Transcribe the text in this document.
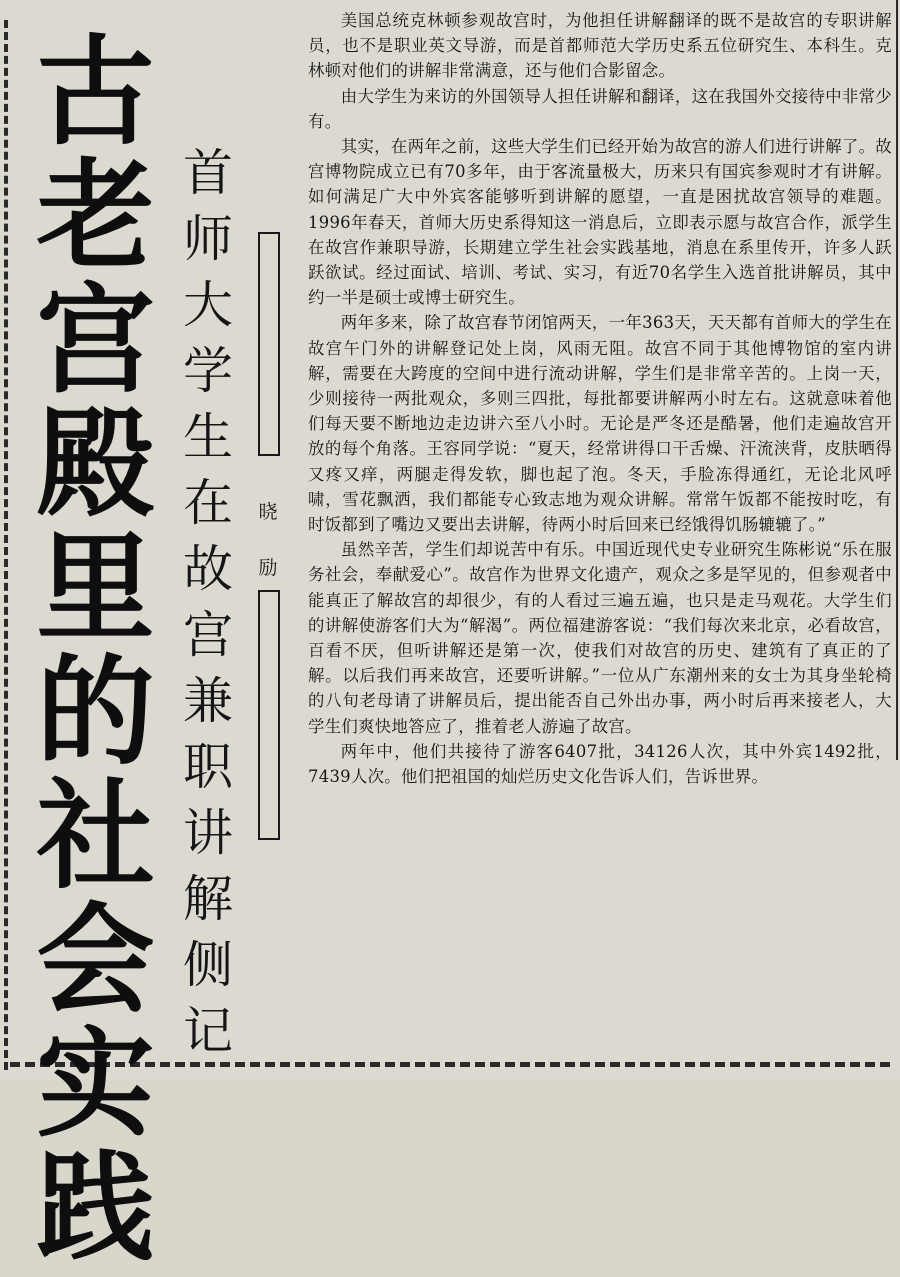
古
老
宫
殿
里
的
社
会
实
践
首
师
大
学
生
在
故
宫
兼
职
讲
解
侧
记
晓
励

美国总统克林顿参观故宫时，为他担任讲解翻译的既不是故宫的专职讲解员，也不是职业英文导游，而是首都师范大学历史系五位研究生、本科生。克林顿对他们的讲解非常满意，还与他们合影留念。

由大学生为来访的外国领导人担任讲解和翻译，这在我国外交接待中非常少有。

其实，在两年之前，这些大学生们已经开始为故宫的游人们进行讲解了。故宫博物院成立已有70多年，由于客流量极大，历来只有国宾参观时才有讲解。如何满足广大中外宾客能够听到讲解的愿望，一直是困扰故宫领导的难题。1996年春天，首师大历史系得知这一消息后，立即表示愿与故宫合作，派学生在故宫作兼职导游，长期建立学生社会实践基地，消息在系里传开，许多人跃跃欲试。经过面试、培训、考试、实习，有近70名学生入选首批讲解员，其中约一半是硕士或博士研究生。

两年多来，除了故宫春节闭馆两天，一年363天，天天都有首师大的学生在故宫午门外的讲解登记处上岗，风雨无阻。故宫不同于其他博物馆的室内讲解，需要在大跨度的空间中进行流动讲解，学生们是非常辛苦的。上岗一天，少则接待一两批观众，多则三四批，每批都要讲解两小时左右。这就意味着他们每天要不断地边走边讲六至八小时。无论是严冬还是酷暑，他们走遍故宫开放的每个角落。王容同学说：“夏天，经常讲得口干舌燥、汗流浃背，皮肤晒得又疼又痒，两腿走得发软，脚也起了泡。冬天，手脸冻得通红，无论北风呼啸，雪花飘洒，我们都能专心致志地为观众讲解。常常午饭都不能按时吃，有时饭都到了嘴边又要出去讲解，待两小时后回来已经饿得饥肠辘辘了。”

虽然辛苦，学生们却说苦中有乐。中国近现代史专业研究生陈彬说“乐在服务社会，奉献爱心”。故宫作为世界文化遗产，观众之多是罕见的，但参观者中能真正了解故宫的却很少，有的人看过三遍五遍，也只是走马观花。大学生们的讲解使游客们大为“解渴”。两位福建游客说：“我们每次来北京，必看故宫，百看不厌，但听讲解还是第一次，使我们对故宫的历史、建筑有了真正的了解。以后我们再来故宫，还要听讲解。”一位从广东潮州来的女士为其身坐轮椅的八旬老母请了讲解员后，提出能否自己外出办事，两小时后再来接老人，大学生们爽快地答应了，推着老人游遍了故宫。

两年中，他们共接待了游客6407批，34126人次，其中外宾1492批，7439人次。他们把祖国的灿烂历史文化告诉人们，告诉世界。
